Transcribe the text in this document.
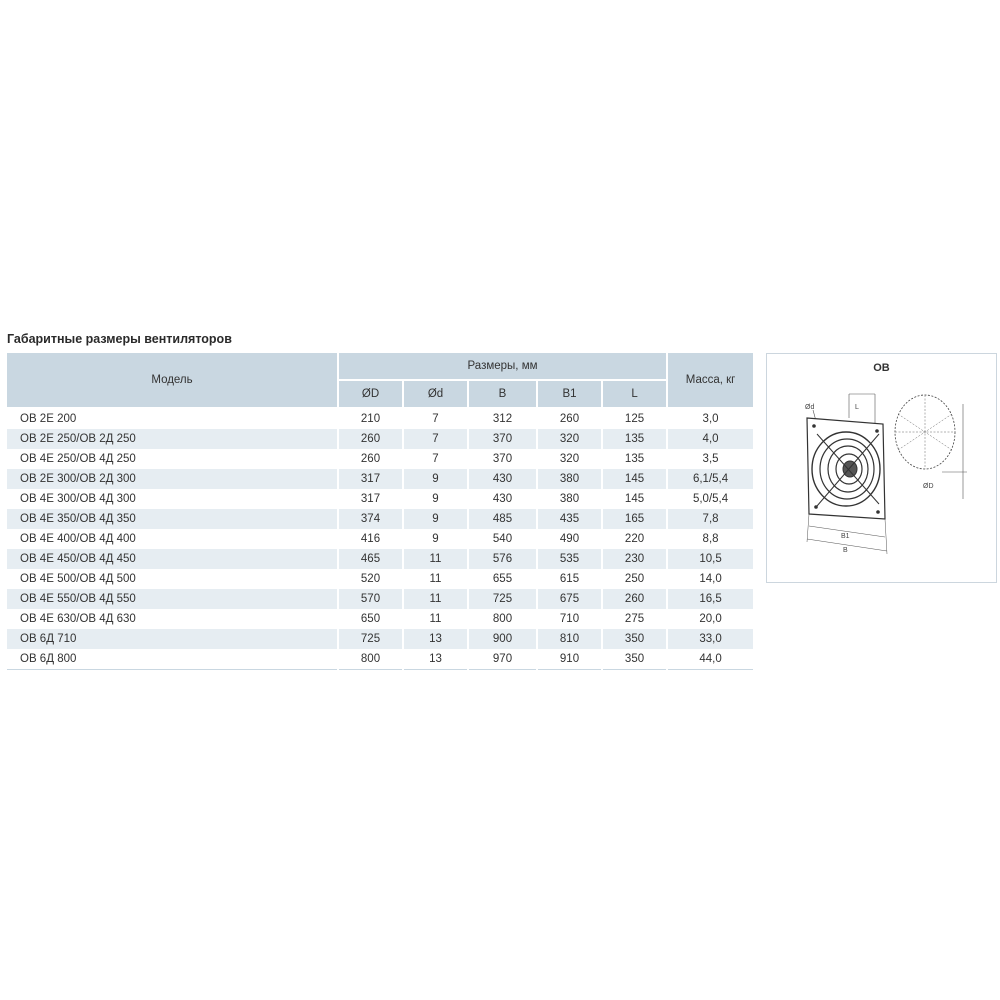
Габаритные размеры вентиляторов
Модель	Размеры, мм					Масса, кг
	ØD	Ød	B	B1	L	
ОВ 2Е 200	210	7	312	260	125	3,0
ОВ 2Е 250/ОВ 2Д 250	260	7	370	320	135	4,0
ОВ 4Е 250/ОВ 4Д 250	260	7	370	320	135	3,5
ОВ 2Е 300/ОВ 2Д 300	317	9	430	380	145	6,1/5,4
ОВ 4Е 300/ОВ 4Д 300	317	9	430	380	145	5,0/5,4
ОВ 4Е 350/ОВ 4Д 350	374	9	485	435	165	7,8
ОВ 4Е 400/ОВ 4Д 400	416	9	540	490	220	8,8
ОВ 4Е 450/ОВ 4Д 450	465	11	576	535	230	10,5
ОВ 4Е 500/ОВ 4Д 500	520	11	655	615	250	14,0
ОВ 4Е 550/ОВ 4Д 550	570	11	725	675	260	16,5
ОВ 4Е 630/ОВ 4Д 630	650	11	800	710	275	20,0
ОВ 6Д 710	725	13	900	810	350	33,0
ОВ 6Д 800	800	13	970	910	350	44,0
ОВ
Ød	L
ØD
B1
B
